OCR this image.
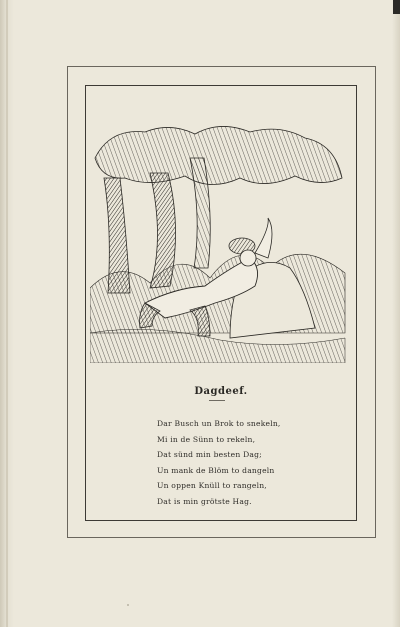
Dagdeef.
Dar Busch un Brok to snekeln,
Mi in de Sünn to rekeln,
Dat sünd min besten Dag;
Un mank de Blöm to dangeln
Un oppen Knüll to rangeln,
Dat is min grötste Hag.
